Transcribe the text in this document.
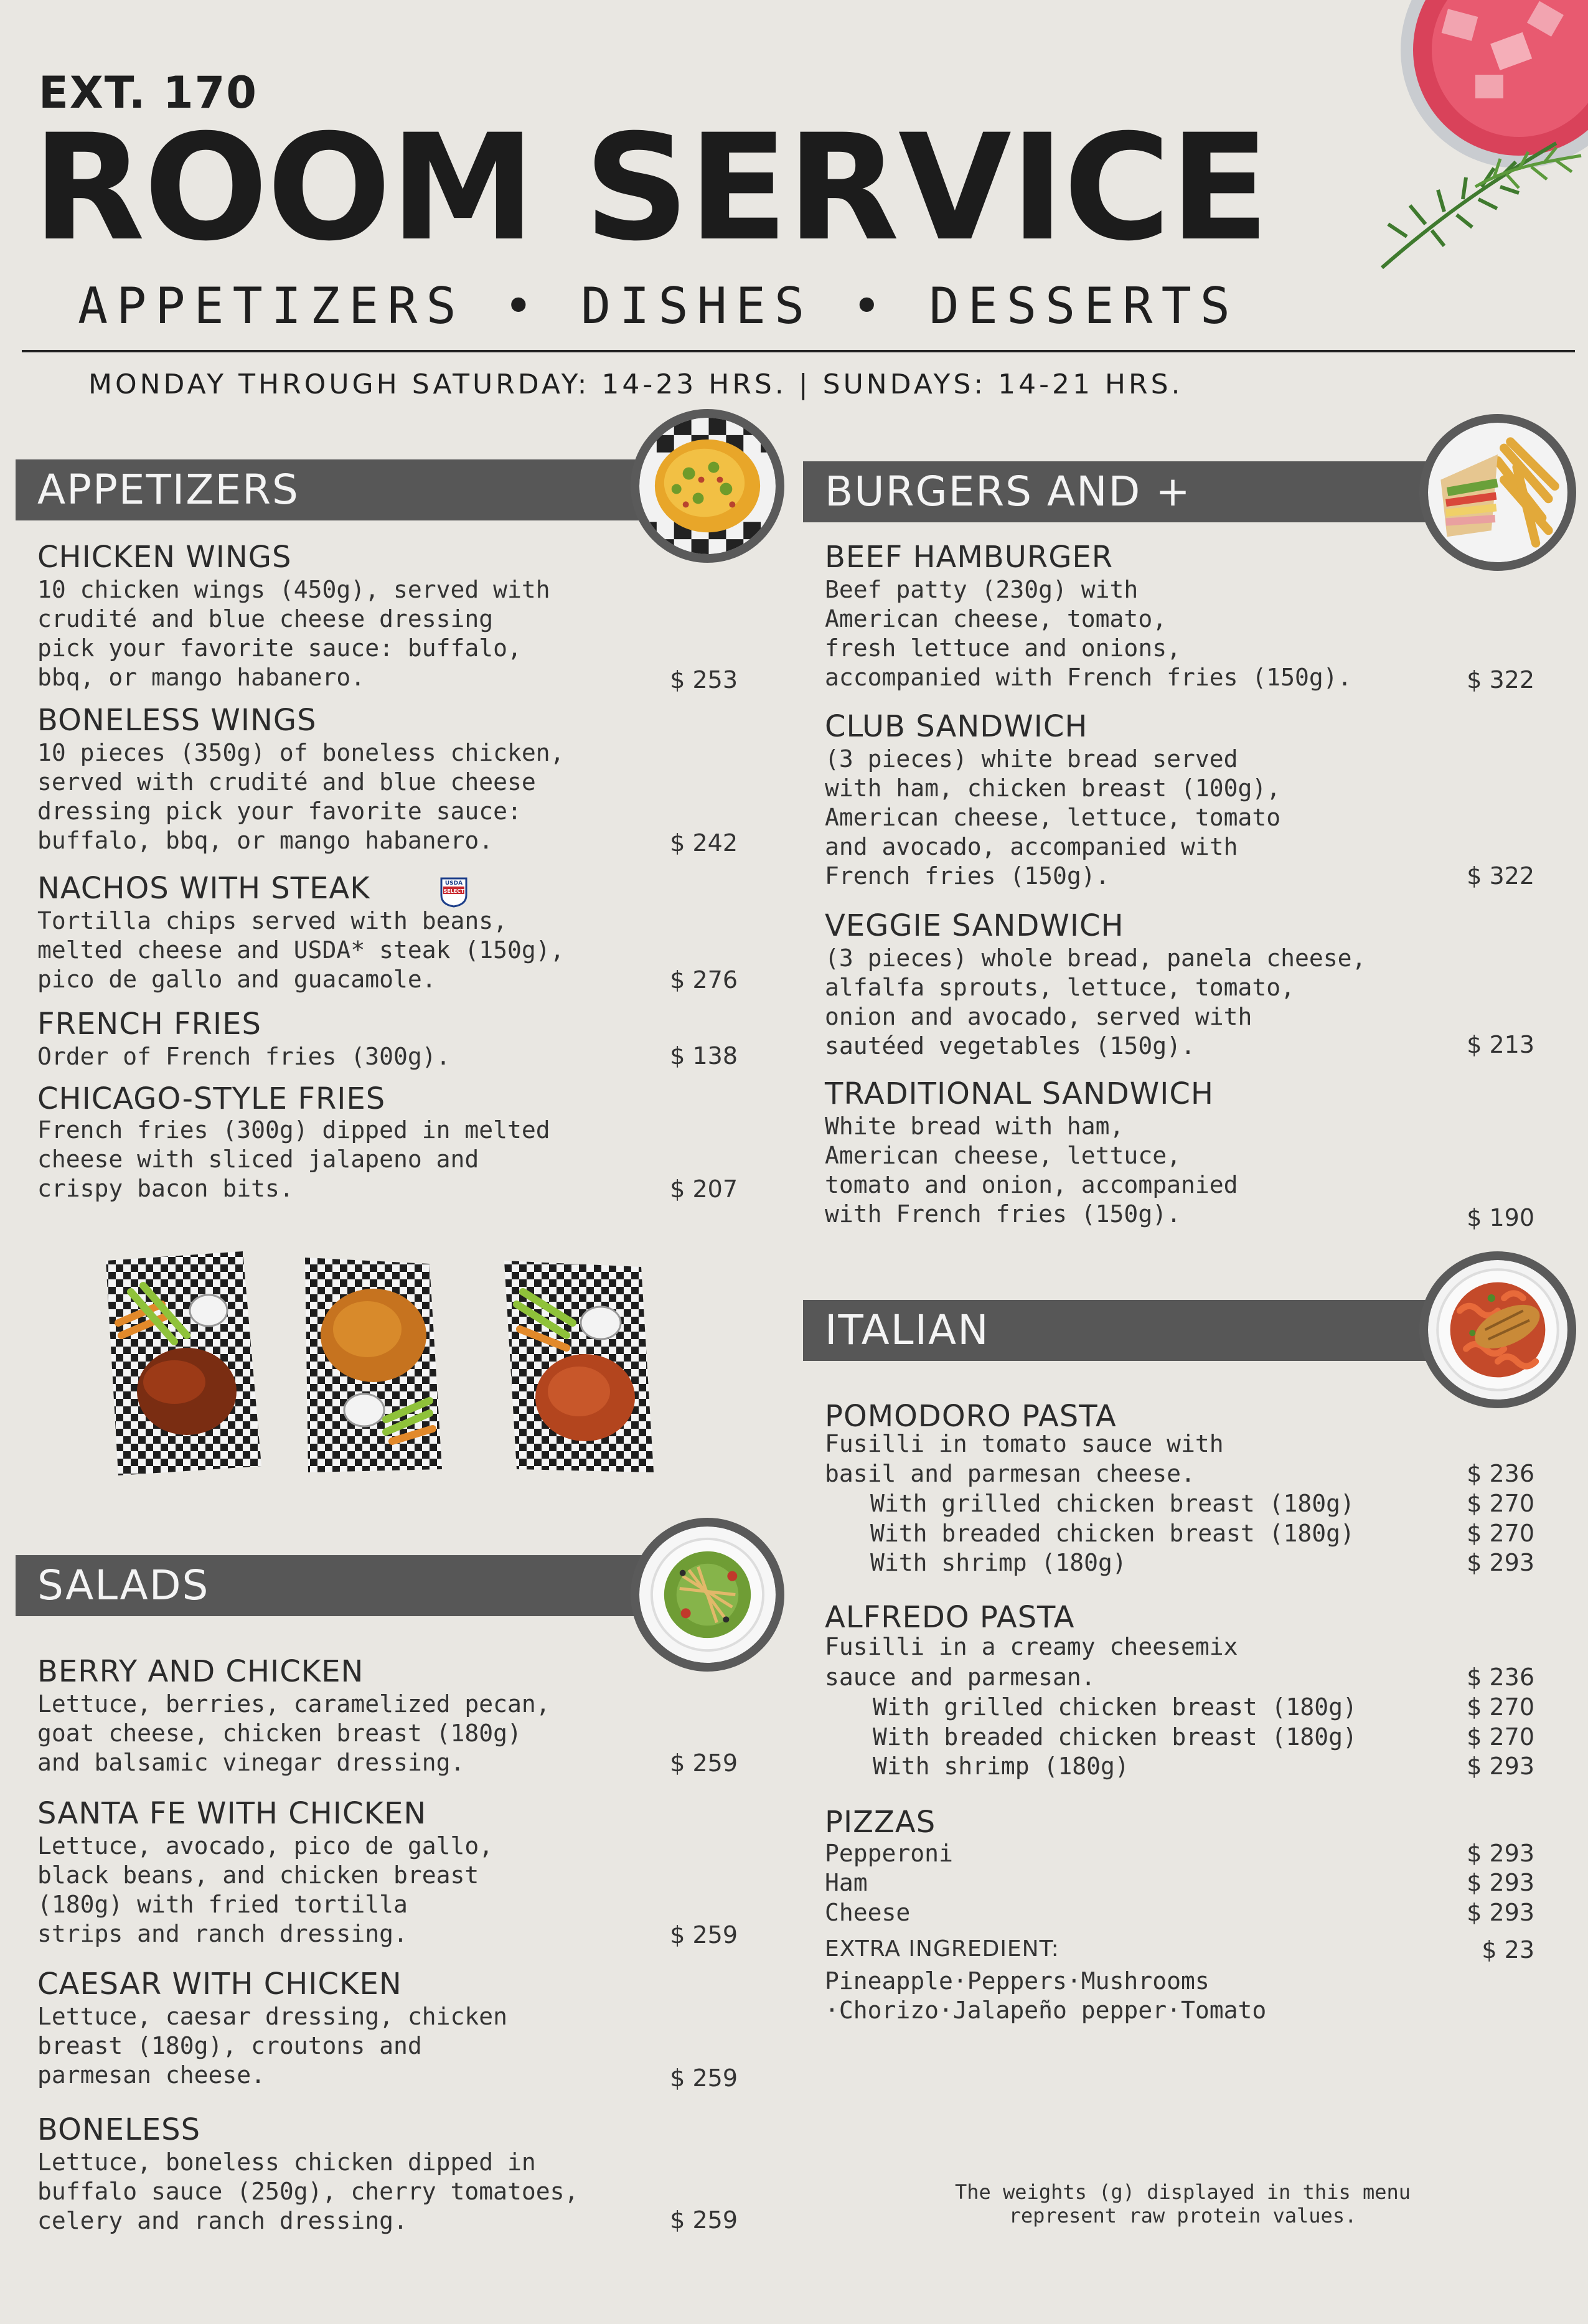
EXT. 170
ROOM SERVICE
APPETIZERS • DISHES • DESSERTS
MONDAY THROUGH SATURDAY: 14-23 HRS. | SUNDAYS: 14-21 HRS.
APPETIZERS
CHICKEN WINGS
10 chicken wings (450g), served with
crudité and blue cheese dressing
pick your favorite sauce: buffalo,
bbq, or mango habanero.	$ 253
BONELESS WINGS
10 pieces (350g) of boneless chicken,
served with crudité and blue cheese
dressing pick your favorite sauce:
buffalo, bbq, or mango habanero.	$ 242
NACHOS WITH STEAK	USDA
SELECT
Tortilla chips served with beans,
melted cheese and USDA* steak (150g),
pico de gallo and guacamole.	$ 276
FRENCH FRIES
Order of French fries (300g).	$ 138
CHICAGO-STYLE FRIES
French fries (300g) dipped in melted
cheese with sliced jalapeno and
crispy bacon bits.	$ 207
SALADS
BERRY AND CHICKEN
Lettuce, berries, caramelized pecan,
goat cheese, chicken breast (180g)
and balsamic vinegar dressing.	$ 259
SANTA FE WITH CHICKEN
Lettuce, avocado, pico de gallo,
black beans, and chicken breast
(180g) with fried tortilla
strips and ranch dressing.	$ 259
CAESAR WITH CHICKEN
Lettuce, caesar dressing, chicken
breast (180g), croutons and
parmesan cheese.	$ 259
BONELESS
Lettuce, boneless chicken dipped in
buffalo sauce (250g), cherry tomatoes,
celery and ranch dressing.	$ 259
BURGERS AND +
BEEF HAMBURGER
Beef patty (230g) with
American cheese, tomato,
fresh lettuce and onions,
accompanied with French fries (150g).	$ 322
CLUB SANDWICH
(3 pieces) white bread served
with ham, chicken breast (100g),
American cheese, lettuce, tomato
and avocado, accompanied with
French fries (150g).	$ 322
VEGGIE SANDWICH
(3 pieces) whole bread, panela cheese,
alfalfa sprouts, lettuce, tomato,
onion and avocado, served with
sautéed vegetables (150g).	$ 213
TRADITIONAL SANDWICH
White bread with ham,
American cheese, lettuce,
tomato and onion, accompanied
with French fries (150g).	$ 190
ITALIAN
POMODORO PASTA
Fusilli in tomato sauce with
basil and parmesan cheese.	$ 236
With grilled chicken breast (180g)	$ 270
With breaded chicken breast (180g)	$ 270
With shrimp (180g)	$ 293
ALFREDO PASTA
Fusilli in a creamy cheesemix
sauce and parmesan.	$ 236
With grilled chicken breast (180g)	$ 270
With breaded chicken breast (180g)	$ 270
With shrimp (180g)	$ 293
PIZZAS
Pepperoni	$ 293
Ham	$ 293
Cheese	$ 293
EXTRA INGREDIENT:	$ 23
Pineapple·Peppers·Mushrooms
·Chorizo·Jalapeño pepper·Tomato
The weights (g) displayed in this menu
represent raw protein values.
